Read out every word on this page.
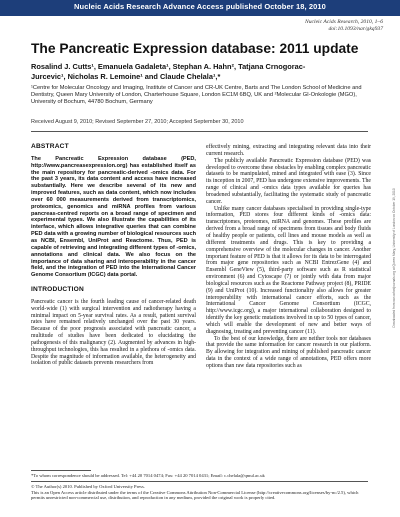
Nucleic Acids Research Advance Access published October 18, 2010
Nucleic Acids Research, 2010, 1–6
doi:10.1093/nar/gkq937
The Pancreatic Expression database: 2011 update
Rosalind J. Cutts¹, Emanuela Gadaleta¹, Stephan A. Hahn², Tatjana Crnogorac-
Jurcevic¹, Nicholas R. Lemoine¹ and Claude Chelala¹,*
¹Centre for Molecular Oncology and Imaging, Institute of Cancer and CR-UK Centre, Barts and The London School of Medicine and Dentistry, Queen Mary University of London, Charterhouse Square, London EC1M 6BQ, UK and ²Molecular GI-Onkologie (MGO), University of Bochum, 44780 Bochum, Germany
Received August 9, 2010; Revised September 27, 2010; Accepted September 30, 2010
ABSTRACT

The Pancreatic Expression database (PED, http://www.pancreasexpression.org) has established itself as the main repository for pancreatic-derived -omics data. For the past 3 years, its data content and access have increased substantially. Here we describe several of its new and improved features, such as data content, which now includes over 60 000 measurements derived from transcriptomics, proteomics, genomics and miRNA profiles from various pancreas-centred reports on a broad range of specimen and experimental types. We also illustrate the capabilities of its interface, which allows integrative queries that can combine PED data with a growing number of biological resources such as NCBI, Ensembl, UniProt and Reactome. Thus, PED is capable of retrieving and integrating different types of -omics, annotations and clinical data. We also focus on the importance of data sharing and interoperability in the cancer field, and the integration of PED into the International Cancer Genome Consortium (ICGC) data portal.

INTRODUCTION

Pancreatic cancer is the fourth leading cause of cancer-related death world-wide (1) with surgical intervention and radiotherapy having a minimal impact on 5-year survival rates. As a result, patient survival rates have remained relatively unchanged over the past 30 years. Because of the poor prognosis associated with pancreatic cancer, a multitude of studies have been dedicated to elucidating the pathogenesis of this malignancy (2). Augmented by advances in high-throughput technologies, this has resulted in a plethora of -omics data. Despite the magnitude of information available, the heterogeneity and isolation of public datasets prevents researchers from

effectively mining, extracting and integrating relevant data into their current research.

The publicly available Pancreatic Expression database (PED) was developed to overcome these obstacles by enabling complex pancreatic datasets to be manipulated, mined and integrated with ease (3). Since its inception in 2007, PED has undergone extensive improvements. The range of clinical and -omics data types available for queries has broadened substantially, facilitating the systematic study of pancreatic cancer.

Unlike many cancer databases specialised in providing single-type information, PED stores four different kinds of -omics data: transcriptomes, proteomes, miRNA and genomes. These profiles are derived from a broad range of specimens from tissues and body fluids of healthy people or patients, cell lines and mouse models as well as different treatments and drugs. This is key to providing a comprehensive overview of the molecular changes in cancer. Another important feature of PED is that it allows for its data to be interrogated from major gene repositories such as NCBI EntrezGene (4) and Ensembl GeneView (5), third-party software such as R statistical environment (6) and Cytoscape (7) or jointly with data from major biological resources such as the Reactome Pathway project (8), PRIDE (9) and UniProt (10). Increased functionality also allows for greater interoperability with international cancer efforts, such as the International Cancer Genome Consortium (ICGC, http://www.icgc.org), a major international collaboration designed to identify the key genetic mutations involved in up to 50 types of cancer, which will enable the development of new and better ways of diagnosing, treating and preventing cancer (11).

To the best of our knowledge, there are neither tools nor databases that provide the same information for cancer research in our platform. By allowing for integration and mining of published pancreatic cancer data in the context of a wide range of annotations, PED offers more options than raw data repositories such as

Downloaded from nar.oxfordjournals.org at Queen Mary, University of London on October 19, 2010
*To whom correspondence should be addressed. Tel: +44 20 7014 0474; Fax: +44 20 7014 0431; Email: c.chelala@qmul.ac.uk
© The Author(s) 2010. Published by Oxford University Press.
This is an Open Access article distributed under the terms of the Creative Commons Attribution Non-Commercial License (http://creativecommons.org/licenses/by-nc/2.5), which permits unrestricted non-commercial use, distribution, and reproduction in any medium, provided the original work is properly cited.
